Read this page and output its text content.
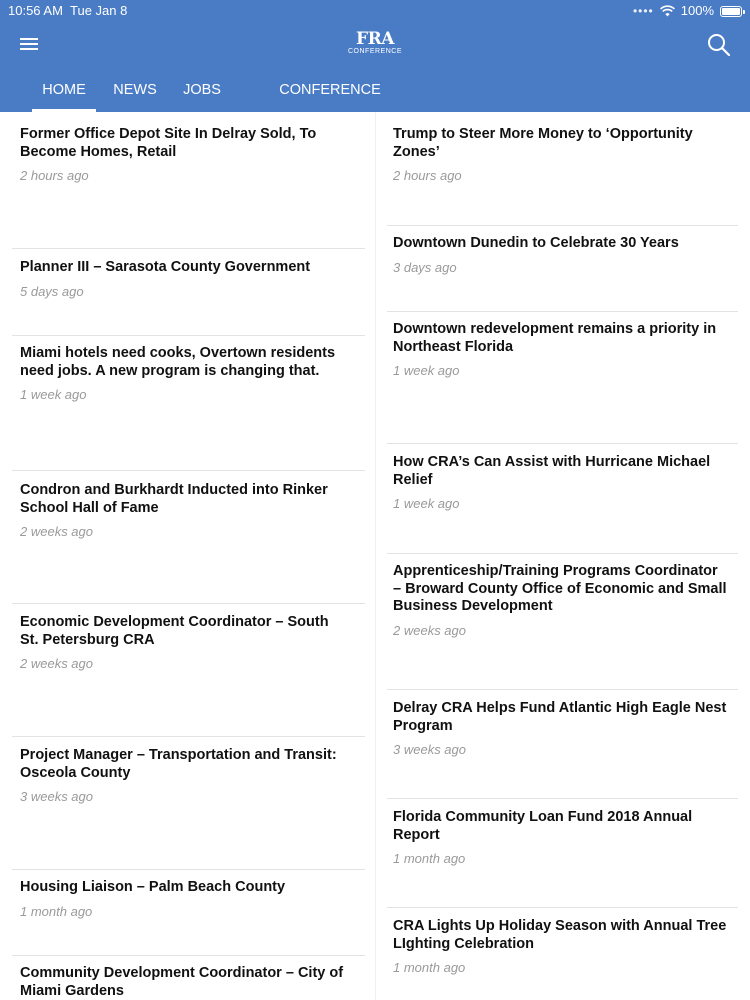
10:56 AM Tue Jan 8	•••• 100%
FRA
CONFERENCE
HOME	NEWS JOBS	CONFERENCE UPDATES
Former Office Depot Site In Delray Sold, To Become Homes, Retail
2 hours ago
Planner III – Sarasota County Government
5 days ago
Miami hotels need cooks, Overtown residents need jobs. A new program is changing that.
1 week ago
Condron and Burkhardt Inducted into Rinker School Hall of Fame
2 weeks ago
Economic Development Coordinator – South St. Petersburg CRA
2 weeks ago
Project Manager – Transportation and Transit: Osceola County
3 weeks ago
Housing Liaison – Palm Beach County
1 month ago
Community Development Coordinator – City of Miami Gardens
Trump to Steer More Money to ‘Opportunity Zones’
2 hours ago
Downtown Dunedin to Celebrate 30 Years
3 days ago
Downtown redevelopment remains a priority in Northeast Florida
1 week ago
How CRA’s Can Assist with Hurricane Michael Relief
1 week ago
Apprenticeship/Training Programs Coordinator – Broward County Office of Economic and Small Business Development
2 weeks ago
Delray CRA Helps Fund Atlantic High Eagle Nest Program
3 weeks ago
Florida Community Loan Fund 2018 Annual Report
1 month ago
CRA Lights Up Holiday Season with Annual Tree LIghting Celebration
1 month ago
